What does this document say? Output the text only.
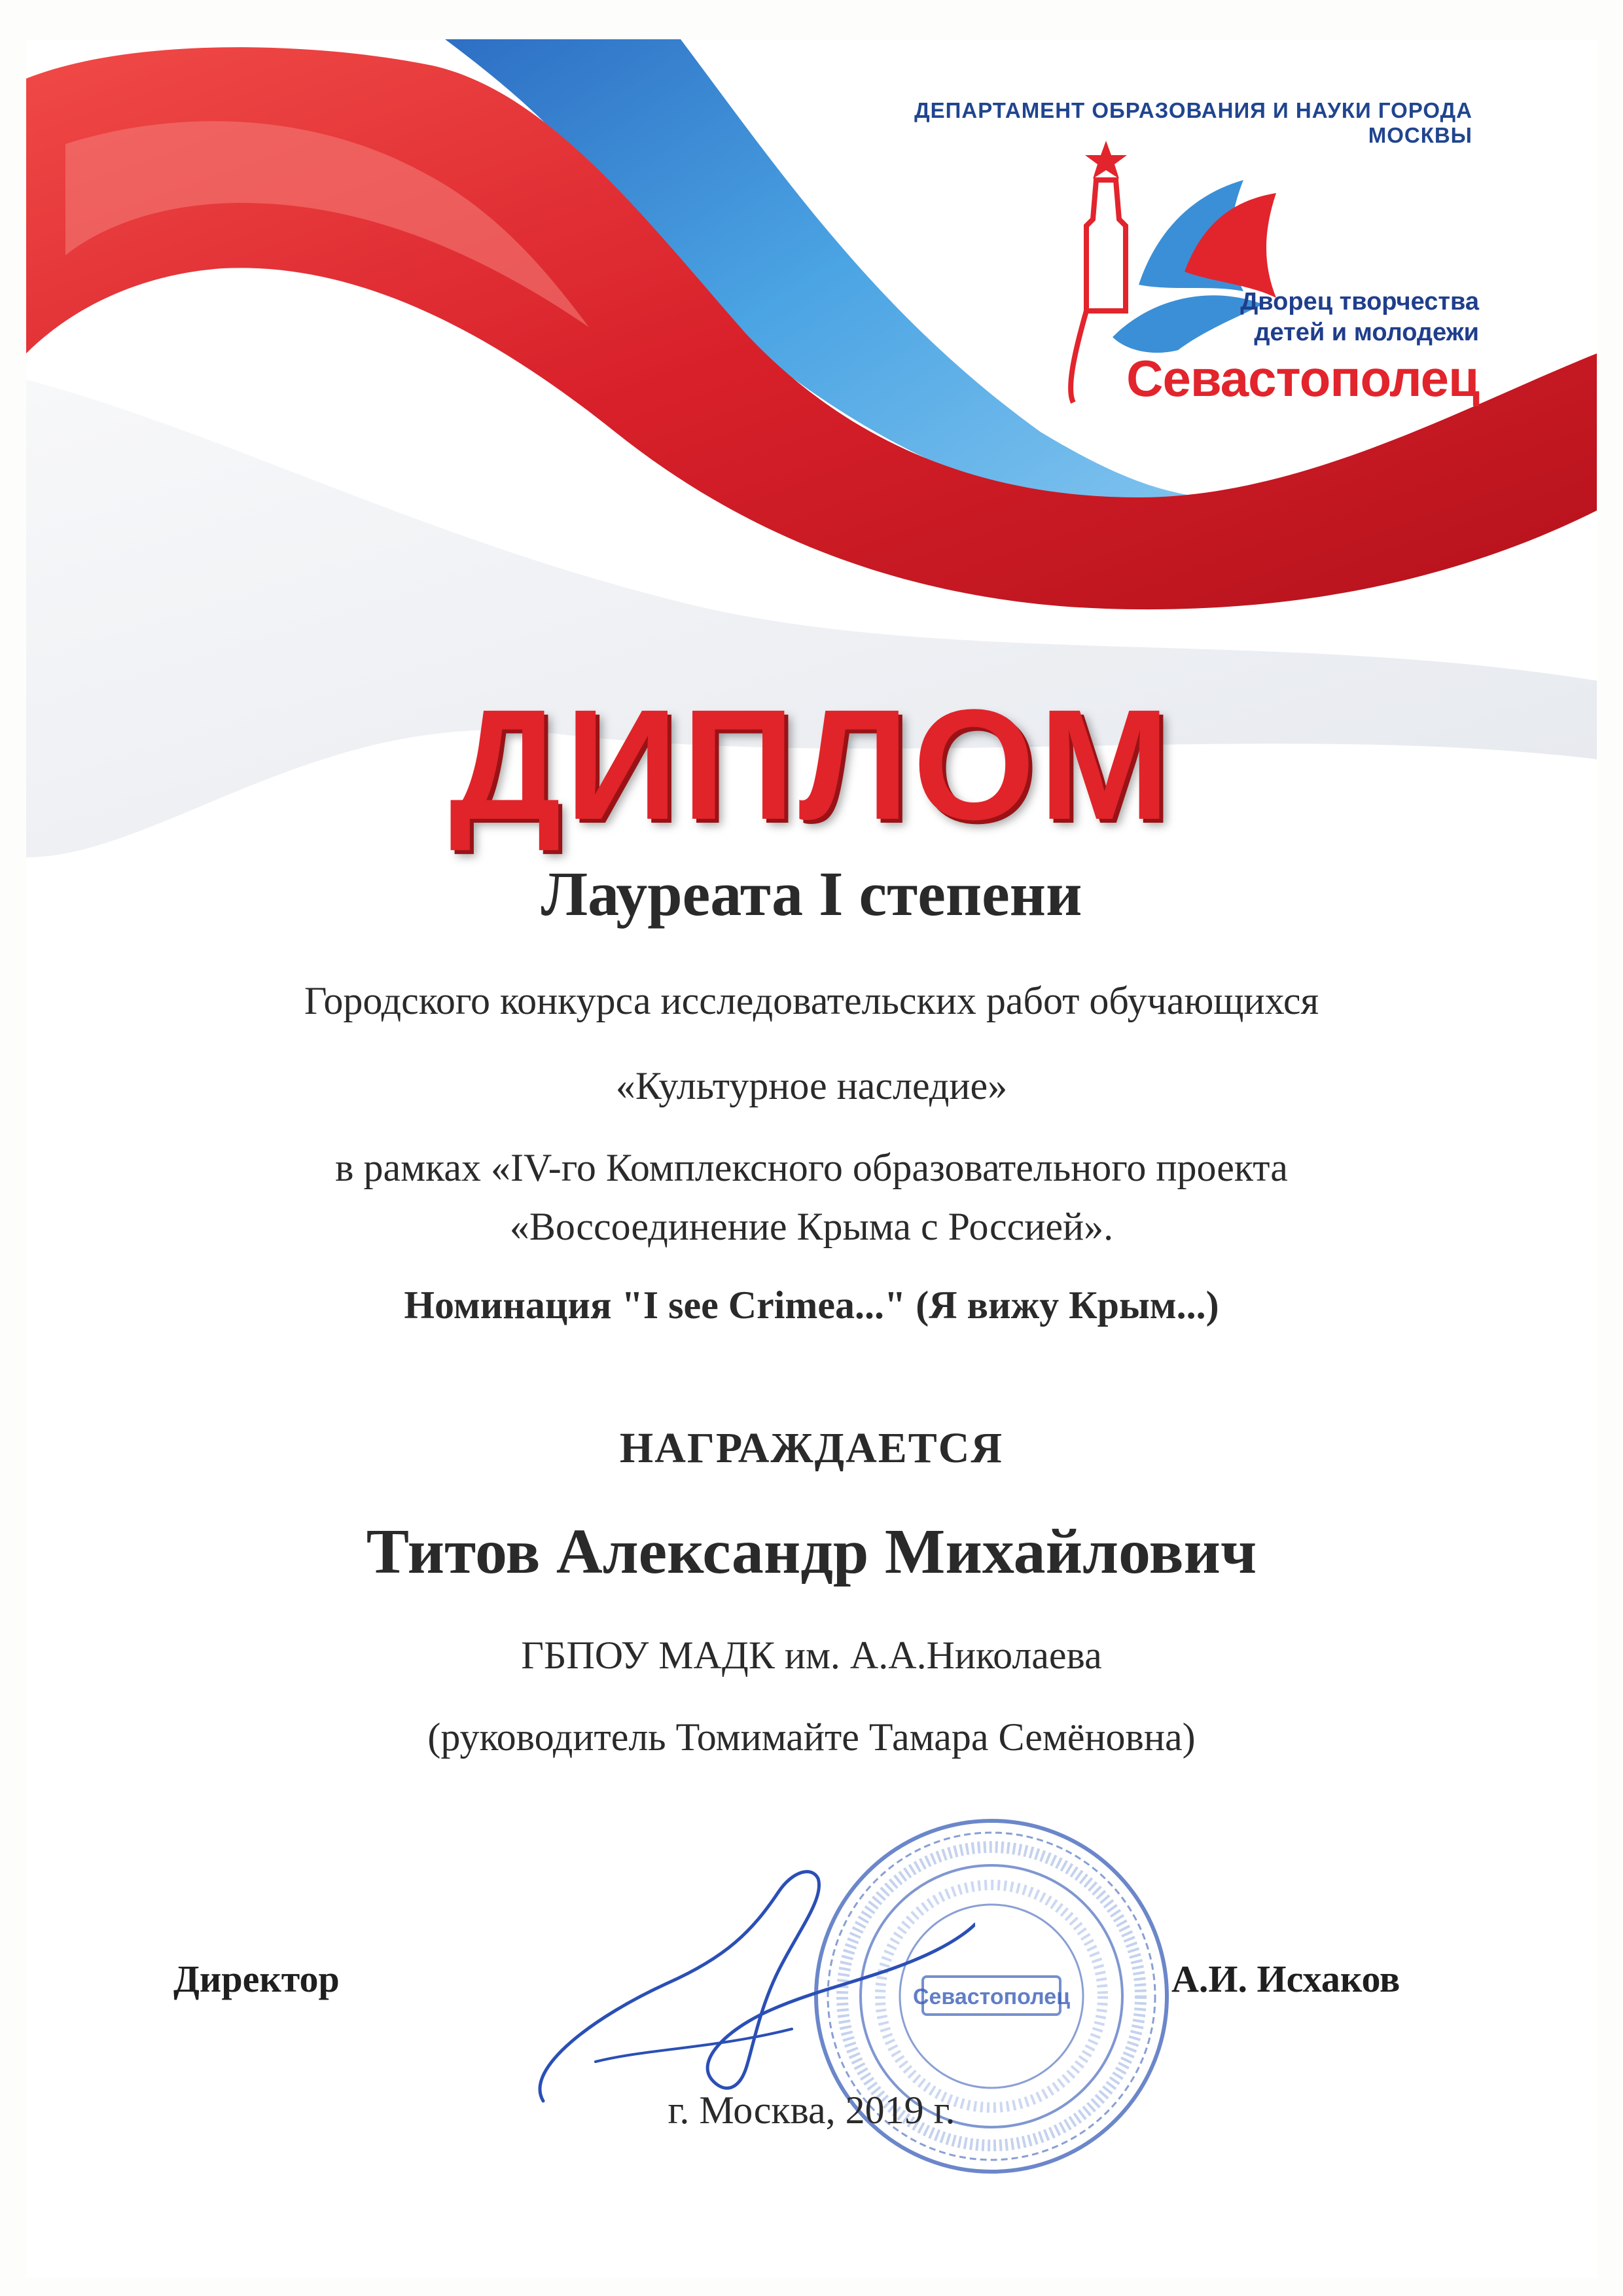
ДЕПАРТАМЕНТ ОБРАЗОВАНИЯ И НАУКИ ГОРОДА МОСКВЫ
Дворец творчества
детей и молодежи
Севастополец
ДИПЛОМ
Лауреата I степени
Городского конкурса исследовательских работ обучающихся
«Культурное наследие»
в рамках «IV-го Комплексного образовательного проекта
«Воссоединение Крыма с Россией».
Номинация "I see Crimea..." (Я вижу Крым...)
НАГРАЖДАЕТСЯ
Титов Александр Михайлович
ГБПОУ МАДК им. А.А.Николаева
(руководитель Томимайте Тамара Семёновна)
Директор	А.И. Исхаков
Севастополец
г. Москва, 2019 г.
